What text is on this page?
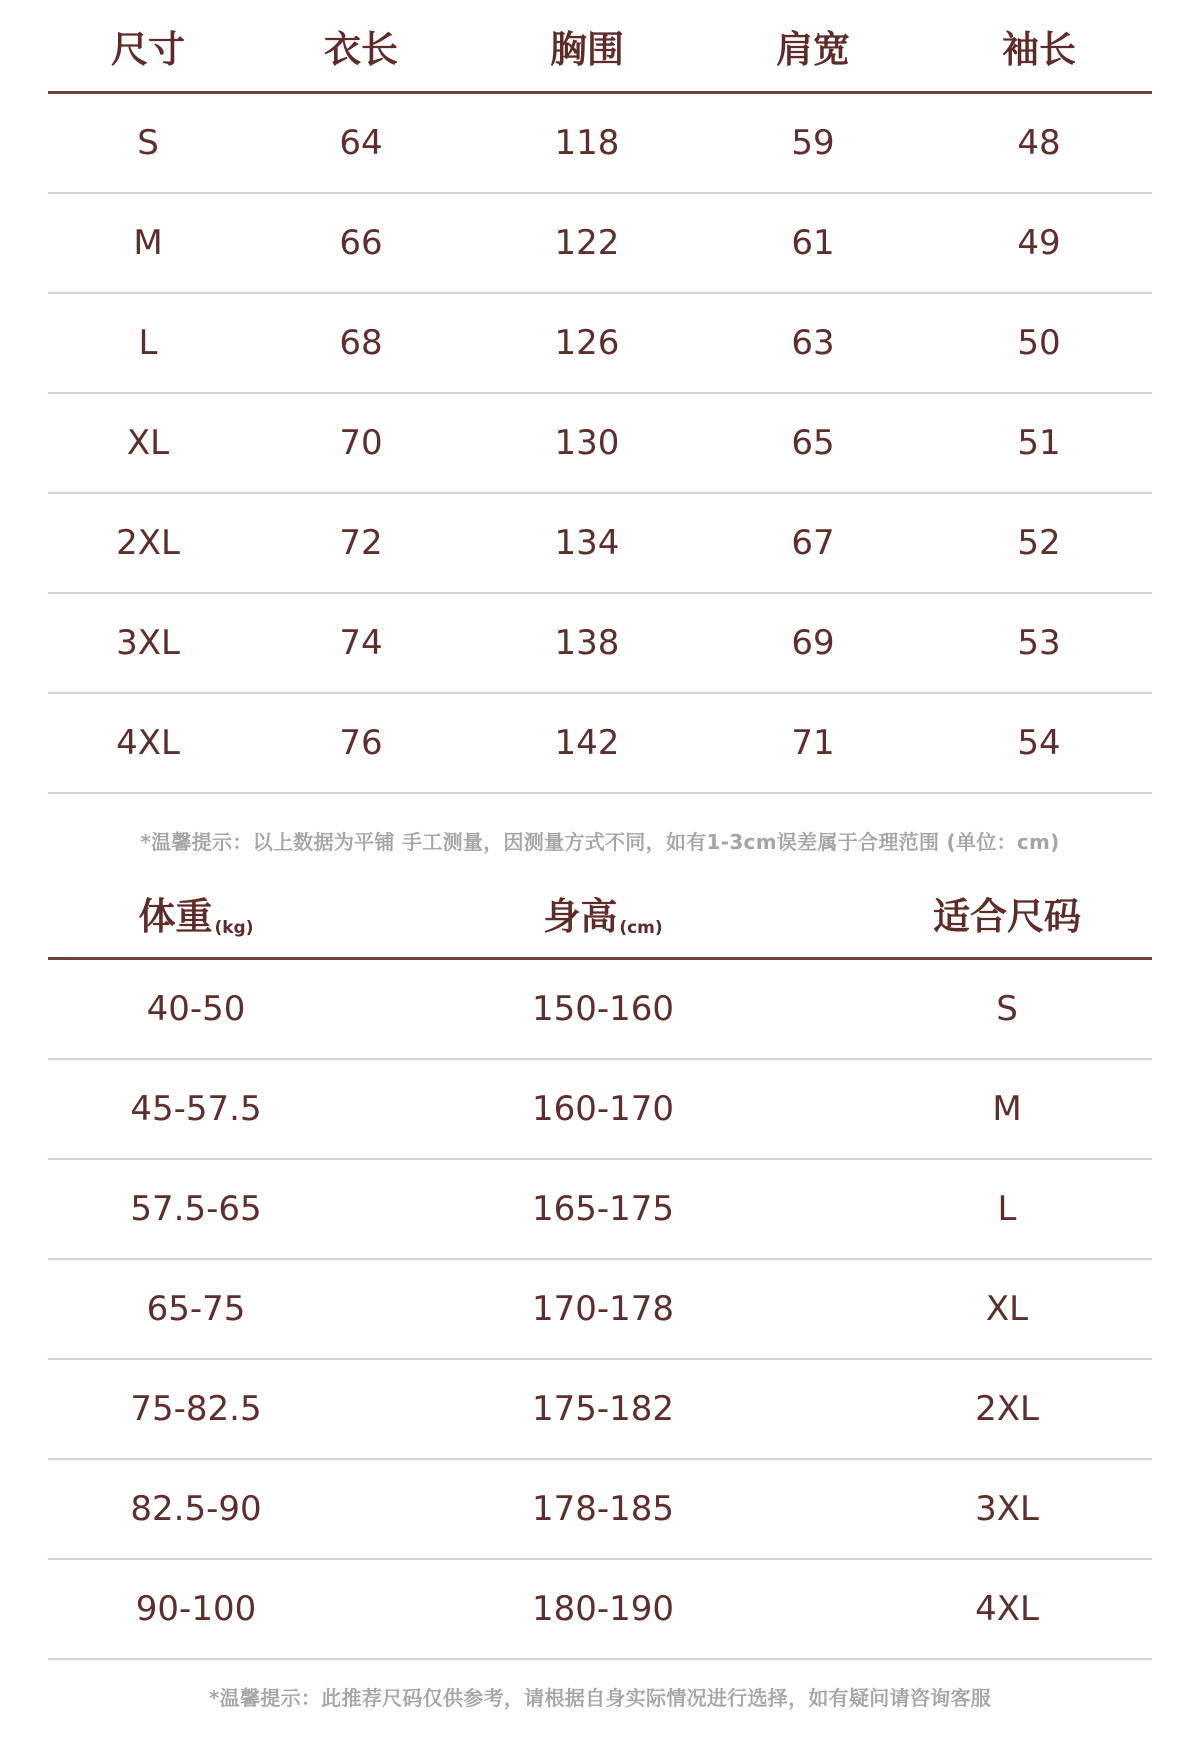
尺寸	衣长	胸围	肩宽	袖长
S	64	118	59	48
M	66	122	61	49
L	68	126	63	50
XL	70	130	65	51
2XL	72	134	67	52
3XL	74	138	69	53
4XL	76	142	71	54
*温馨提示：以上数据为平铺 手工测量，因测量方式不同，如有1-3cm误差属于合理范围 (单位：cm)
体重 (kg)	身高 (cm)	适合尺码
40-50	150-160	S
45-57.5	160-170	M
57.5-65	165-175	L
65-75	170-178	XL
75-82.5	175-182	2XL
82.5-90	178-185	3XL
90-100	180-190	4XL
*温馨提示：此推荐尺码仅供参考，请根据自身实际情况进行选择，如有疑问请咨询客服
